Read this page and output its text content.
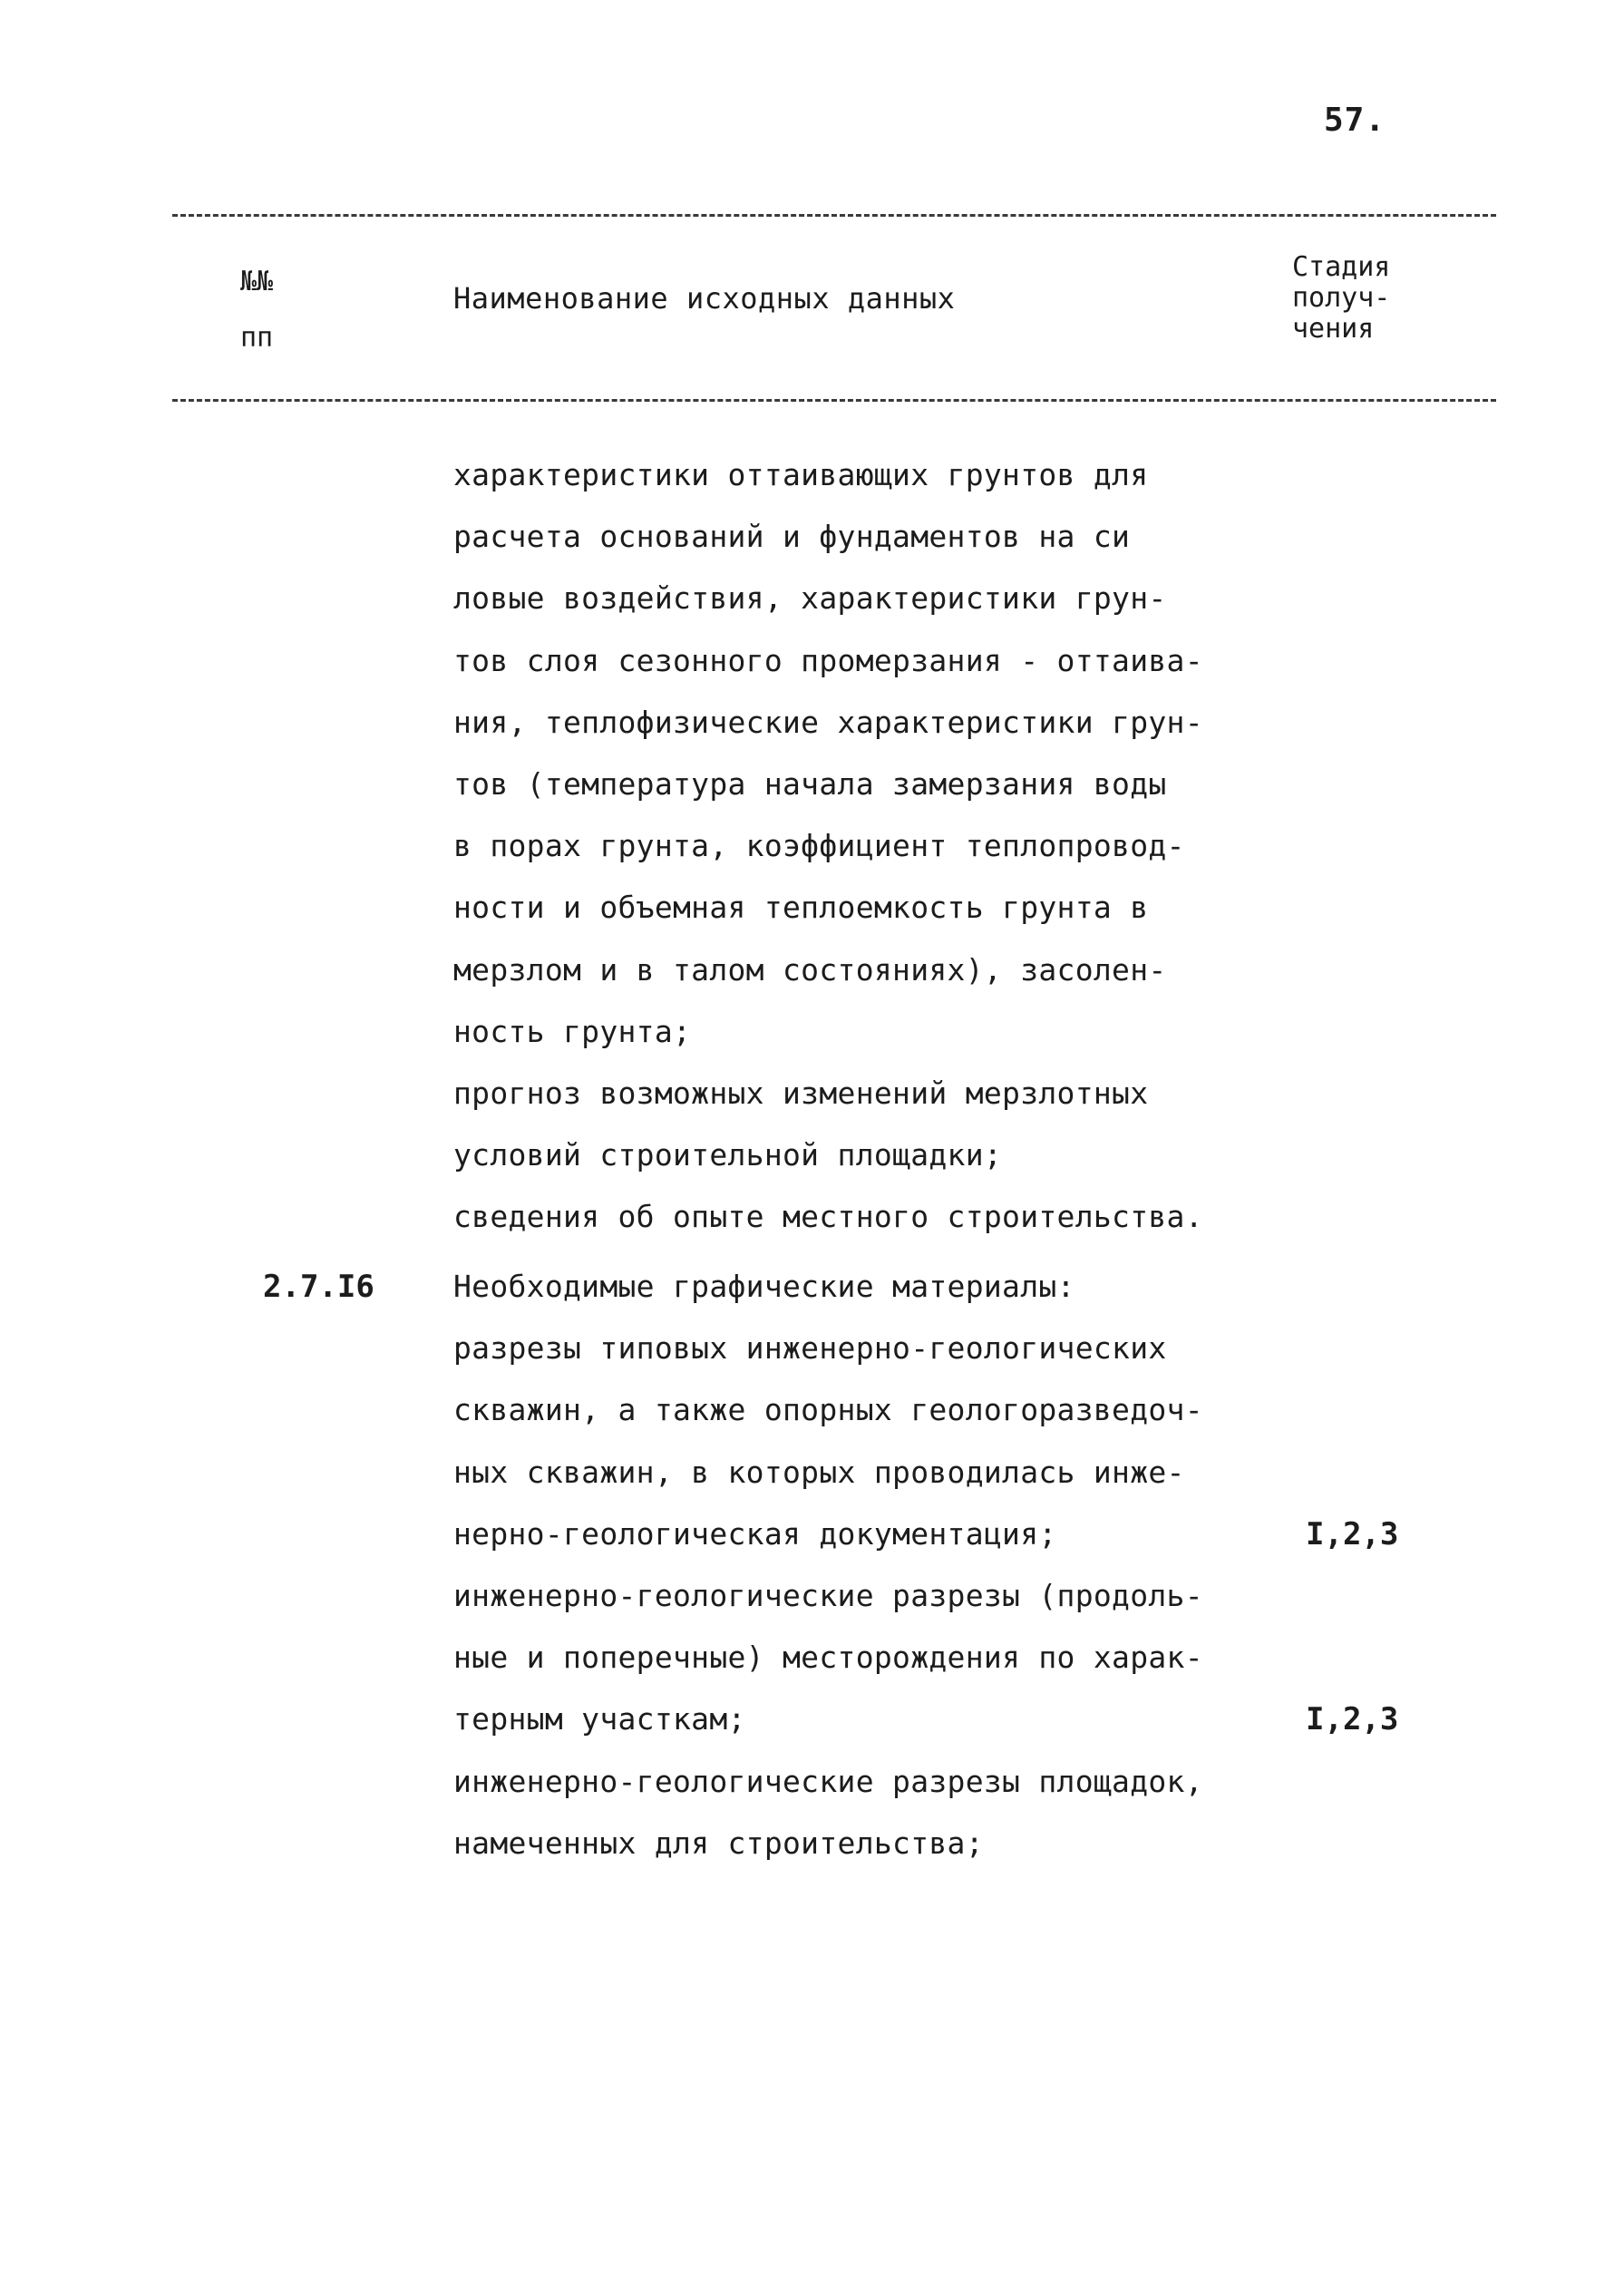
57.
№№
пп
Наименование исходных данных
Стадия
получ-
чения
характеристики оттаивающих грунтов для
расчета оснований и фундаментов на си
ловые воздействия, характеристики грун-
тов слоя сезонного промерзания - оттаива-
ния, теплофизические характеристики грун-
тов (температура начала замерзания воды
в порах грунта, коэффициент теплопровод-
ности и объемная теплоемкость грунта в
мерзлом и в талом состояниях), засолен-
ность грунта;
прогноз возможных изменений мерзлотных
условий строительной площадки;
сведения об опыте местного строительства.
2.7.I6	Необходимые графические материалы:
разрезы типовых инженерно-геологических
скважин, а также опорных геологоразведоч-
ных скважин, в которых проводилась инже-
нерно-геологическая документация;
инженерно-геологические разрезы (продоль-
ные и поперечные) месторождения по харак-
терным участкам;
инженерно-геологические разрезы площадок,
намеченных для строительства;
I,2,3
I,2,3
